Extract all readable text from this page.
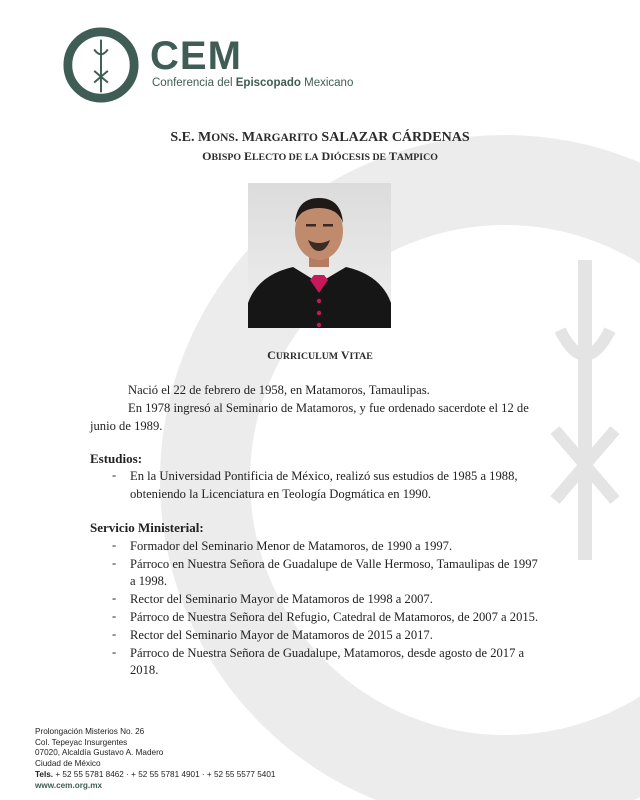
CEM
Conferencia del Episcopado Mexicano
S.E. MONS. MARGARITO SALAZAR CÁRDENAS
OBISPO ELECTO DE LA DIÓCESIS DE TAMPICO
CURRICULUM VITAE
Nació el 22 de febrero de 1958, en Matamoros, Tamaulipas.
En 1978 ingresó al Seminario de Matamoros, y fue ordenado sacerdote el 12 de
junio de 1989.
Estudios:
- En la Universidad Pontificia de México, realizó sus estudios de 1985 a 1988,
obteniendo la Licenciatura en Teología Dogmática en 1990.
Servicio Ministerial:
- Formador del Seminario Menor de Matamoros, de 1990 a 1997.
- Párroco en Nuestra Señora de Guadalupe de Valle Hermoso, Tamaulipas de 1997
a 1998.
- Rector del Seminario Mayor de Matamoros de 1998 a 2007.
- Párroco de Nuestra Señora del Refugio, Catedral de Matamoros, de 2007 a 2015.
- Rector del Seminario Mayor de Matamoros de 2015 a 2017.
- Párroco de Nuestra Señora de Guadalupe, Matamoros, desde agosto de 2017 a
2018.
Prolongación Misterios No. 26
Col. Tepeyac Insurgentes
07020, Alcaldía Gustavo A. Madero
Ciudad de México
Tels. + 52 55 5781 8462 · + 52 55 5781 4901 · + 52 55 5577 5401
www.cem.org.mx
